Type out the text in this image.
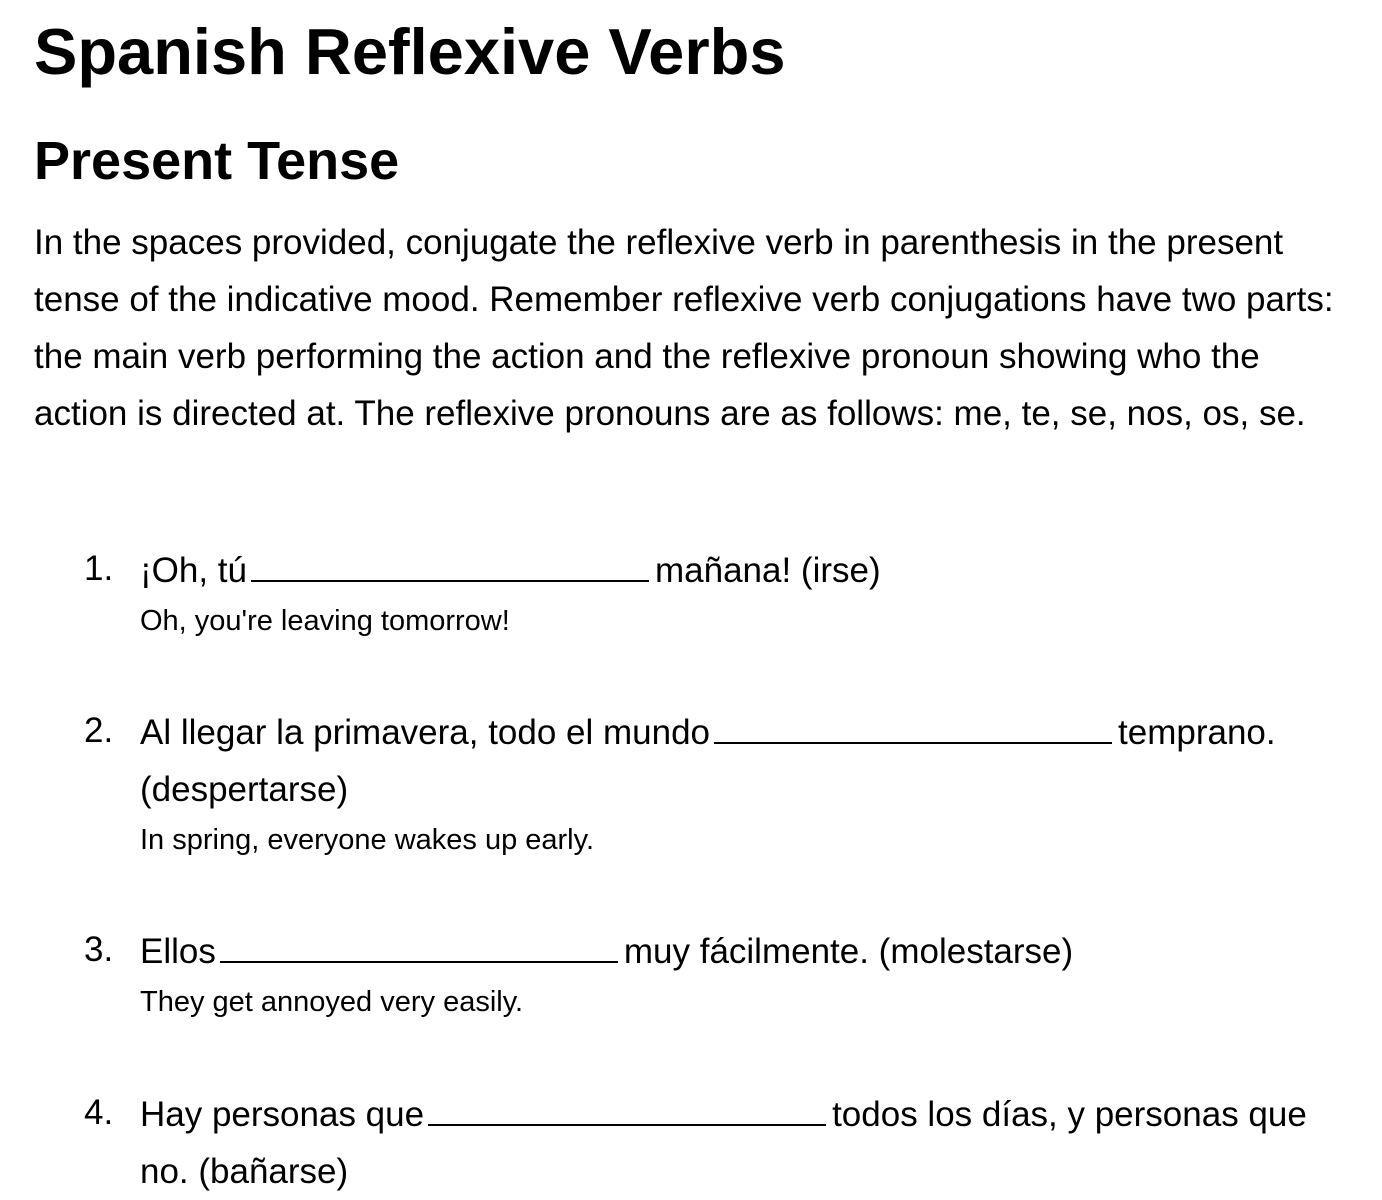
Spanish Reflexive Verbs
Present Tense

In the spaces provided, conjugate the reflexive verb in parenthesis in the present tense of the indicative mood. Remember reflexive verb conjugations have two parts: the main verb performing the action and the reflexive pronoun showing who the action is directed at. The reflexive pronouns are as follows: me, te, se, nos, os, se.

1. ¡Oh, tú	mañana! (irse)
Oh, you're leaving tomorrow!
2. Al llegar la primavera, todo el mundo	temprano. (despertarse)
In spring, everyone wakes up early.
3. Ellos	muy fácilmente. (molestarse)
They get annoyed very easily.
4. Hay personas que	todos los días, y personas que no. (bañarse)
